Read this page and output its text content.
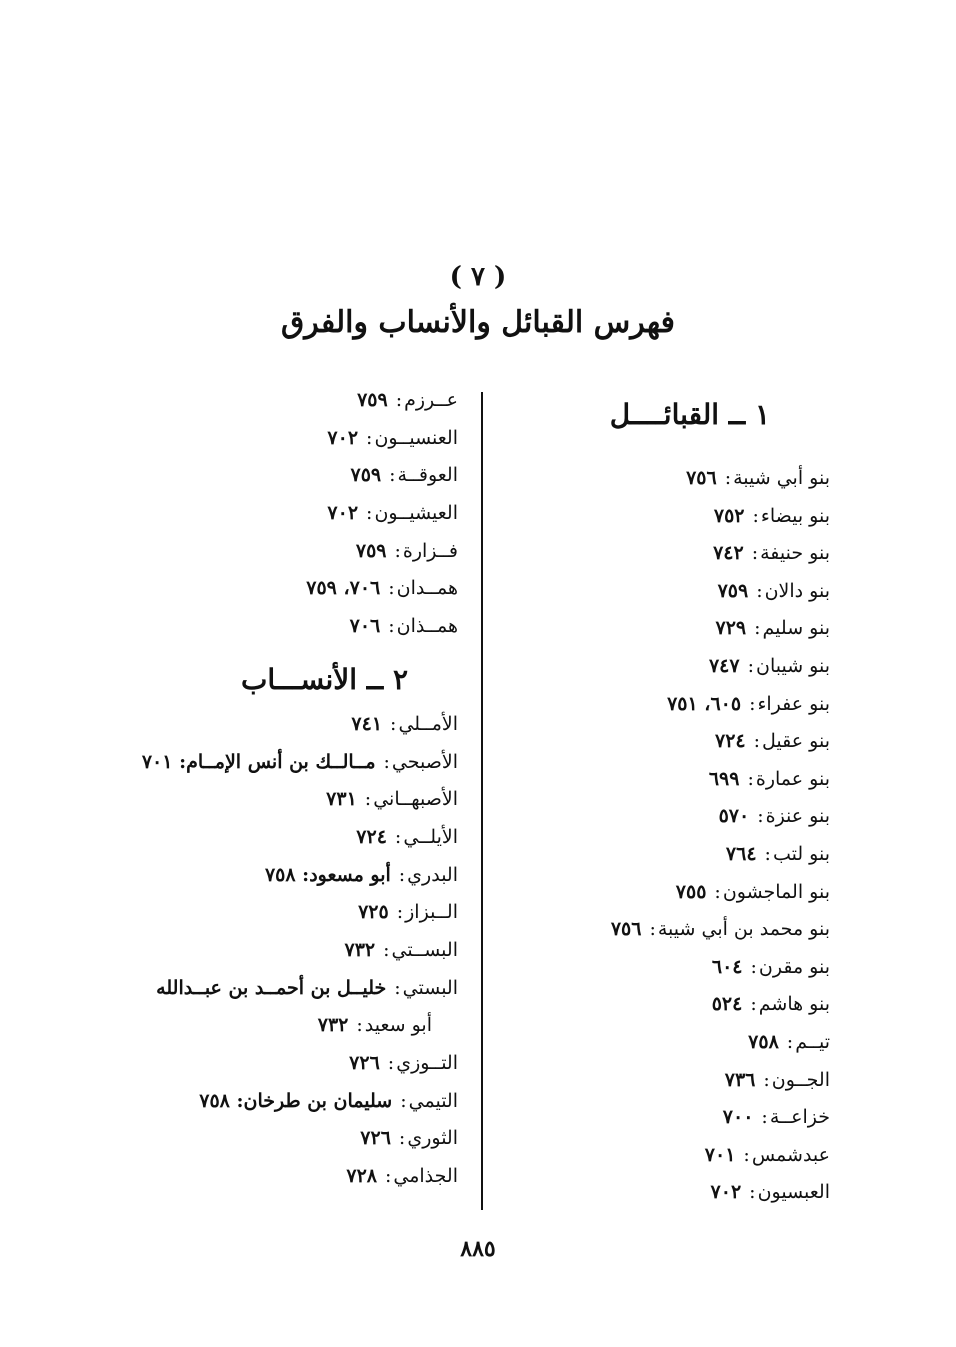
( ٧ )
فهرس القبائل والأنساب والفرق
١ ــ القبائــــل
بنو أبي شيبة:٧٥٦
بنو بيضاء:٧٥٢
بنو حنيفة:٧٤٢
بنو دالان:٧٥٩
بنو سليم:٧٢٩
بنو شيبان:٧٤٧
بنو عفراء:٦٠٥، ٧٥١
بنو عقيل:٧٢٤
بنو عمارة:٦٩٩
بنو عنزة:٥٧٠
بنو لتب:٧٦٤
بنو الماجشون:٧٥٥
بنو محمد بن أبي شيبة:٧٥٦
بنو مقرن:٦٠٤
بنو هاشم:٥٢٤
تيــم:٧٥٨
الجــون:٧٣٦
خزاعــة:٧٠٠
عبدشمس:٧٠١
العبسيون:٧٠٢
عــرزم:٧٥٩
العنسيــون:٧٠٢
العوقــة:٧٥٩
العيشيــون:٧٠٢
فــزارة:٧٥٩
همــدان:٧٠٦، ٧٥٩
همــذان:٧٠٦
٢ ــ الأنســـاب
الأمــلي:٧٤١
الأصبحي:مــالــك بن أنس الإمــام: ٧٠١
الأصبهــاني:٧٣١
الأيلــي:٧٢٤
البدري:أبو مسعود: ٧٥٨
الــبزاز:٧٢٥
البســتي:٧٣٢
البستي:خليــل بن أحمــد بن عبــدالله
أبو سعيد:٧٣٢
التــوزي:٧٢٦
التيمي:سليمان بن طرخان: ٧٥٨
الثوري:٧٢٦
الجذامي:٧٢٨
٨٨٥
